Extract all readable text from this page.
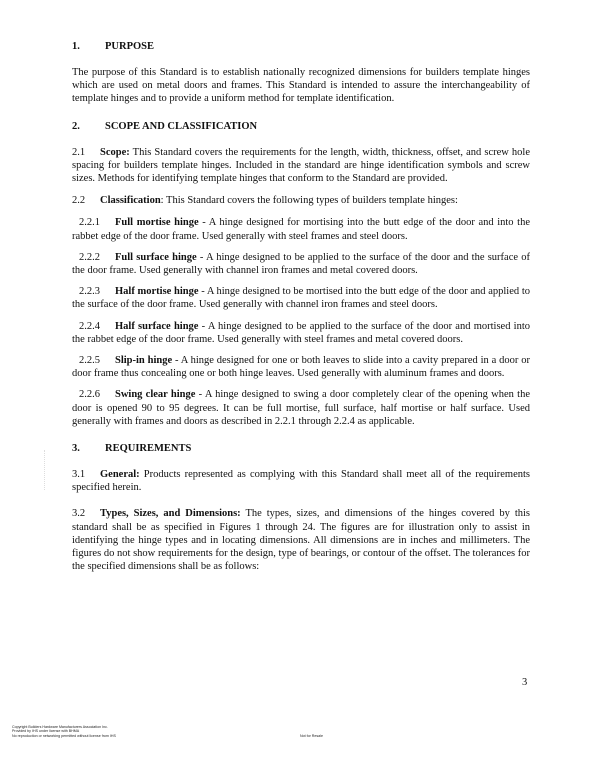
1. PURPOSE

The purpose of this Standard is to establish nationally recognized dimensions for builders template hinges which are used on metal doors and frames. This Standard is intended to assure the interchangeability of template hinges and to provide a uniform method for template identification.

2. SCOPE AND CLASSIFICATION

2.1 Scope: This Standard covers the requirements for the length, width, thickness, offset, and screw hole spacing for builders template hinges. Included in the standard are hinge identification symbols and screw sizes. Methods for identifying template hinges that conform to the Standard are provided.

2.2 Classification: This Standard covers the following types of builders template hinges:

2.2.1 Full mortise hinge - A hinge designed for mortising into the butt edge of the door and into the rabbet edge of the door frame. Used generally with steel frames and steel doors.

2.2.2 Full surface hinge - A hinge designed to be applied to the surface of the door and the surface of the door frame. Used generally with channel iron frames and metal covered doors.

2.2.3 Half mortise hinge - A hinge designed to be mortised into the butt edge of the door and applied to the surface of the door frame. Used generally with channel iron frames and steel doors.

2.2.4 Half surface hinge - A hinge designed to be applied to the surface of the door and mortised into the rabbet edge of the door frame. Used generally with steel frames and metal covered doors.

2.2.5 Slip-in hinge - A hinge designed for one or both leaves to slide into a cavity prepared in a door or door frame thus concealing one or both hinge leaves. Used generally with aluminum frames and doors.

2.2.6 Swing clear hinge - A hinge designed to swing a door completely clear of the opening when the door is opened 90 to 95 degrees. It can be full mortise, full surface, half mortise or half surface. Used generally with frames and doors as described in 2.2.1 through 2.2.4 as applicable.

3. REQUIREMENTS

3.1 General: Products represented as complying with this Standard shall meet all of the requirements specified herein.

3.2 Types, Sizes, and Dimensions: The types, sizes, and dimensions of the hinges covered by this standard shall be as specified in Figures 1 through 24. The figures are for illustration only to assist in identifying the hinge types and in locating dimensions. All dimensions are in inches and millimeters. The figures do not show requirements for the design, type of bearings, or contour of the offset. The tolerances for the specified dimensions shall be as follows:

3
Copyright Builders Hardware Manufacturers Association Inc.
Provided by IHS under license with BHMA
No reproduction or networking permitted without license from IHS	Not for Resale
